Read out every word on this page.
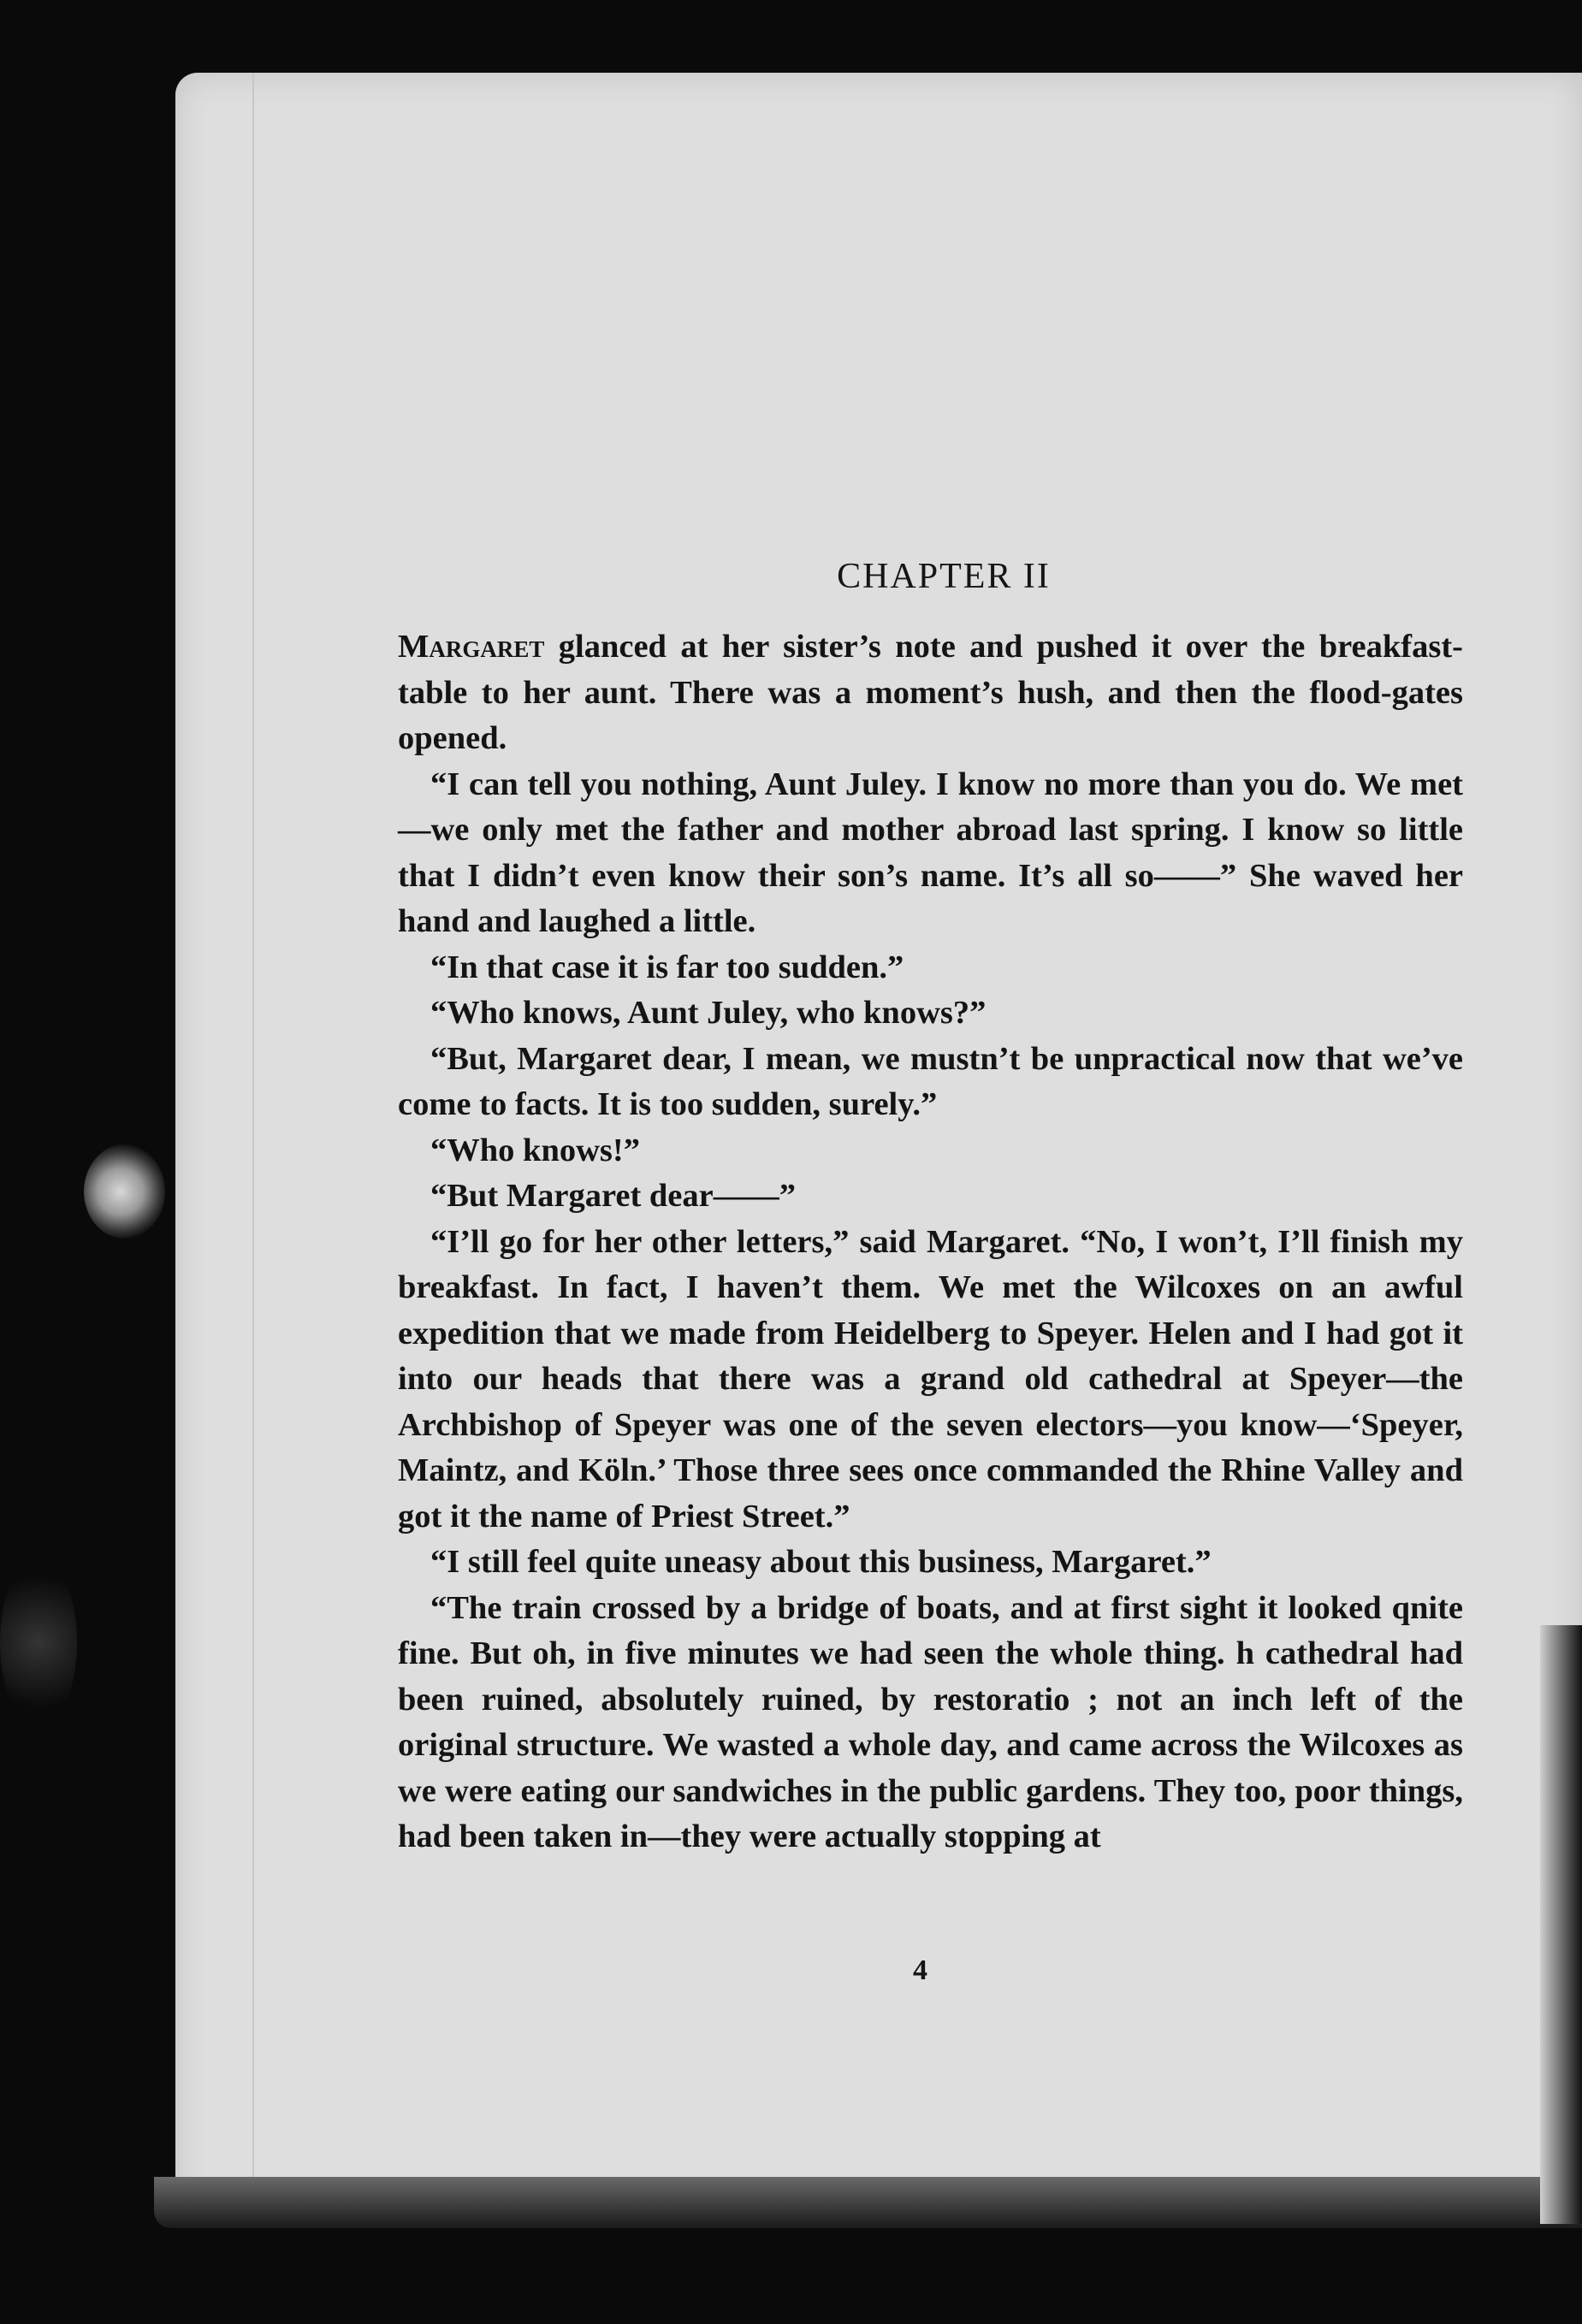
CHAPTER II

Margaret glanced at her sister’s note and pushed it over the breakfast-table to her aunt. There was a moment’s hush, and then the flood-gates opened.

“I can tell you nothing, Aunt Juley. I know no more than you do. We met—we only met the father and mother abroad last spring. I know so little that I didn’t even know their son’s name. It’s all so——” She waved her hand and laughed a little.

“In that case it is far too sudden.”

“Who knows, Aunt Juley, who knows?”

“But, Margaret dear, I mean, we mustn’t be unpractical now that we’ve come to facts. It is too sudden, surely.”

“Who knows!”

“But Margaret dear——”

“I’ll go for her other letters,” said Margaret. “No, I won’t, I’ll finish my breakfast. In fact, I haven’t them. We met the Wilcoxes on an awful expedition that we made from Heidelberg to Speyer. Helen and I had got it into our heads that there was a grand old cathedral at Speyer—the Archbishop of Speyer was one of the seven electors—you know—‘Speyer, Maintz, and Köln.’ Those three sees once commanded the Rhine Valley and got it the name of Priest Street.”

“I still feel quite uneasy about this business, Margaret.”

“The train crossed by a bridge of boats, and at first sight it looked qnite fine. But oh, in five minutes we had seen the whole thing. h cathedral had been ruined, absolutely ruined, by restoratio ; not an inch left of the original structure. We wasted a whole day, and came across the Wilcoxes as we were eating our sandwiches in the public gardens. They too, poor things, had been taken in—they were actually stopping at

4
